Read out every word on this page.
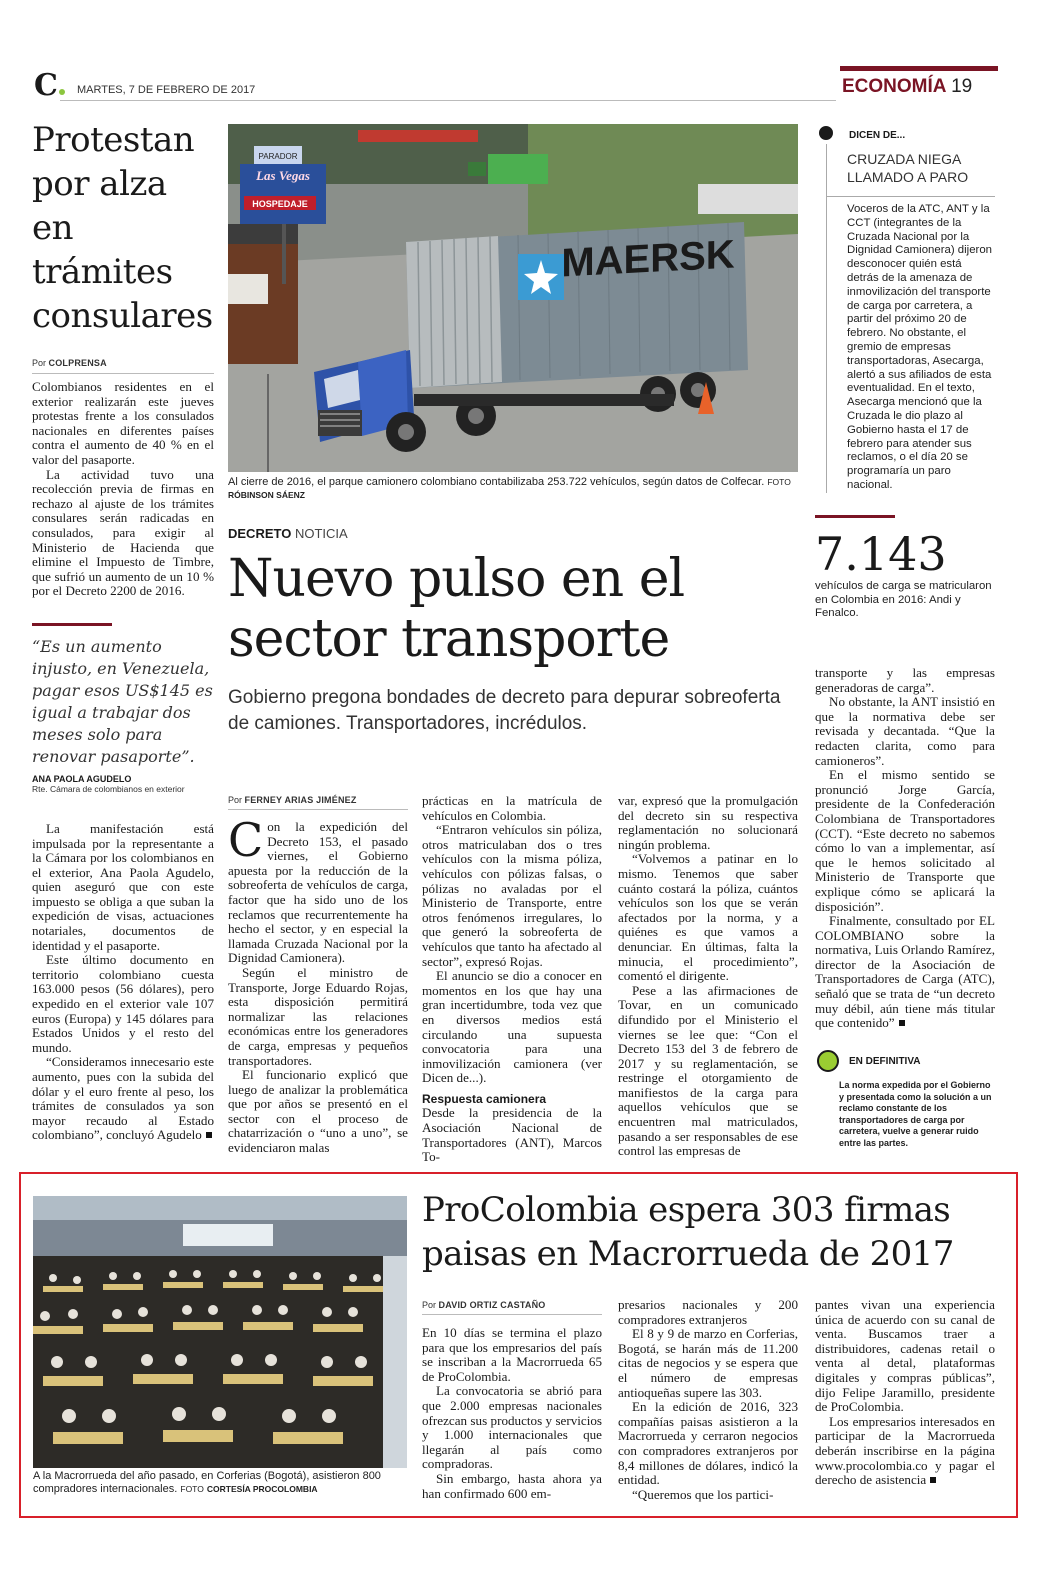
C	MARTES, 7 DE FEBRERO DE 2017	ECONOMÍA 19
Protestan por alza en trámites consulares
Por COLPRENSA

Colombianos residentes en el exterior realizarán este jueves protestas frente a los consulados nacionales en diferentes países contra el aumento de 40 % en el valor del pasaporte.

La actividad tuvo una recolección previa de firmas en rechazo al ajuste de los trámites consulares serán radicadas en consulados, para exigir al Ministerio de Hacienda que elimine el Impuesto de Timbre, que sufrió un aumento de un 10 % por el Decreto 2200 de 2016.

“Es un aumento injusto, en Venezuela, pagar esos US$145 es igual a trabajar dos meses solo para renovar pasaporte”.
ANA PAOLA AGUDELO
Rte. Cámara de colombianos en exterior

La manifestación está impulsada por la representante a la Cámara por los colombianos en el exterior, Ana Paola Agudelo, quien aseguró que con este impuesto se obliga a que suban la expedición de visas, actuaciones notariales, documentos de identidad y el pasaporte.

Este último documento en territorio colombiano cuesta 163.000 pesos (56 dólares), pero expedido en el exterior vale 107 euros (Europa) y 145 dólares para Estados Unidos y el resto del mundo.

“Consideramos innecesario este aumento, pues con la subida del dólar y el euro frente al peso, los trámites de consulados ya son mayor recaudo al Estado colombiano”, concluyó Agudelo

PARADOR
Las Vegas
HOSPEDAJE
MAERSK
Al cierre de 2016, el parque camionero colombiano contabilizaba 253.722 vehículos, según datos de Colfecar. FOTO RÓBINSON SÁENZ
DICEN DE...
CRUZADA NIEGA LLAMADO A PARO
Voceros de la ATC, ANT y la CCT (integrantes de la Cruzada Nacional por la Dignidad Camionera) dijeron desconocer quién está detrás de la amenaza de inmovilización del transporte de carga por carretera, a partir del próximo 20 de febrero. No obstante, el gremio de empresas transportadoras, Asecarga, alertó a sus afiliados de esta eventualidad. En el texto, Asecarga mencionó que la Cruzada le dio plazo al Gobierno hasta el 17 de febrero para atender sus reclamos, o el día 20 se programaría un paro nacional.
7.143
vehículos de carga se matricularon en Colombia en 2016: Andi y Fenalco.
DECRETO NOTICIA
Nuevo pulso en el sector transporte
Gobierno pregona bondades de decreto para depurar sobreoferta de camiones. Transportadores, incrédulos.
Por FERNEY ARIAS JIMÉNEZ

Con la expedición del Decreto 153, el pasado viernes, el Gobierno apuesta por la reducción de la sobreoferta de vehículos de carga, factor que ha sido uno de los reclamos que recurrentemente ha hecho el sector, y en especial la llamada Cruzada Nacional por la Dignidad Camionera).

Según el ministro de Transporte, Jorge Eduardo Rojas, esta disposición permitirá normalizar las relaciones económicas entre los generadores de carga, empresas y pequeños transportadores.

El funcionario explicó que luego de analizar la problemática que por años se presentó en el sector con el proceso de chatarrización o “uno a uno”, se evidenciaron malas

prácticas en la matrícula de vehículos en Colombia.

“Entraron vehículos sin póliza, otros matriculaban dos o tres vehículos con la misma póliza, vehículos con pólizas falsas, o pólizas no avaladas por el Ministerio de Transporte, entre otros fenómenos irregulares, lo que generó la sobreoferta de vehículos que tanto ha afectado al sector”, expresó Rojas.

El anuncio se dio a conocer en momentos en los que hay una gran incertidumbre, toda vez que en diversos medios está circulando una supuesta convocatoria para una inmovilización camionera (ver Dicen de...).

Respuesta camionera

Desde la presidencia de la Asociación Nacional de Transportadores (ANT), Marcos To-

var, expresó que la promulgación del decreto sin su respectiva reglamentación no solucionará ningún problema.

“Volvemos a patinar en lo mismo. Tenemos que saber cuánto costará la póliza, cuántos vehículos son los que se verán afectados por la norma, y a quiénes es que vamos a denunciar. En últimas, falta la minucia, el procedimiento”, comentó el dirigente.

Pese a las afirmaciones de Tovar, en un comunicado difundido por el Ministerio el viernes se lee que: “Con el Decreto 153 del 3 de febrero de 2017 y su reglamentación, se restringe el otorgamiento de manifiestos de la carga para aquellos vehículos que se encuentren mal matriculados, pasando a ser responsables de ese control las empresas de

transporte y las empresas generadoras de carga”.

No obstante, la ANT insistió en que la normativa debe ser revisada y decantada. “Que la redacten clarita, como para camioneros”.

En el mismo sentido se pronunció Jorge García, presidente de la Confederación Colombiana de Transportadores (CCT). “Este decreto no sabemos cómo lo van a implementar, así que le hemos solicitado al Ministerio de Transporte que explique cómo se aplicará la disposición”.

Finalmente, consultado por EL COLOMBIANO sobre la normativa, Luis Orlando Ramírez, director de la Asociación de Transportadores de Carga (ATC), señaló que se trata de “un decreto muy débil, aún tiene más titular que contenido”

EN DEFINITIVA
La norma expedida por el Gobierno y presentada como la solución a un reclamo constante de los transportadores de carga por carretera, vuelve a generar ruido entre las partes.
A la Macrorrueda del año pasado, en Corferias (Bogotá), asistieron 800 compradores internacionales. FOTO CORTESÍA PROCOLOMBIA
ProColombia espera 303 firmas paisas en Macrorrueda de 2017
Por DAVID ORTIZ CASTAÑO

En 10 días se termina el plazo para que los empresarios del país se inscriban a la Macrorrueda 65 de ProColombia.

La convocatoria se abrió para que 2.000 empresas nacionales ofrezcan sus productos y servicios y 1.000 internacionales que llegarán al país como compradoras.

Sin embargo, hasta ahora ya han confirmado 600 em-

presarios nacionales y 200 compradores extranjeros

El 8 y 9 de marzo en Corferias, Bogotá, se harán más de 11.200 citas de negocios y se espera que el número de empresas antioqueñas supere las 303.

En la edición de 2016, 323 compañías paisas asistieron a la Macrorrueda y cerraron negocios con compradores extranjeros por 8,4 millones de dólares, indicó la entidad.

“Queremos que los partici-

pantes vivan una experiencia única de acuerdo con su canal de venta. Buscamos traer a distribuidores, cadenas retail o venta al detal, plataformas digitales y compras públicas”, dijo Felipe Jaramillo, presidente de ProColombia.

Los empresarios interesados en participar de la Macrorrueda deberán inscribirse en la página www.procolombia.co y pagar el derecho de asistencia
